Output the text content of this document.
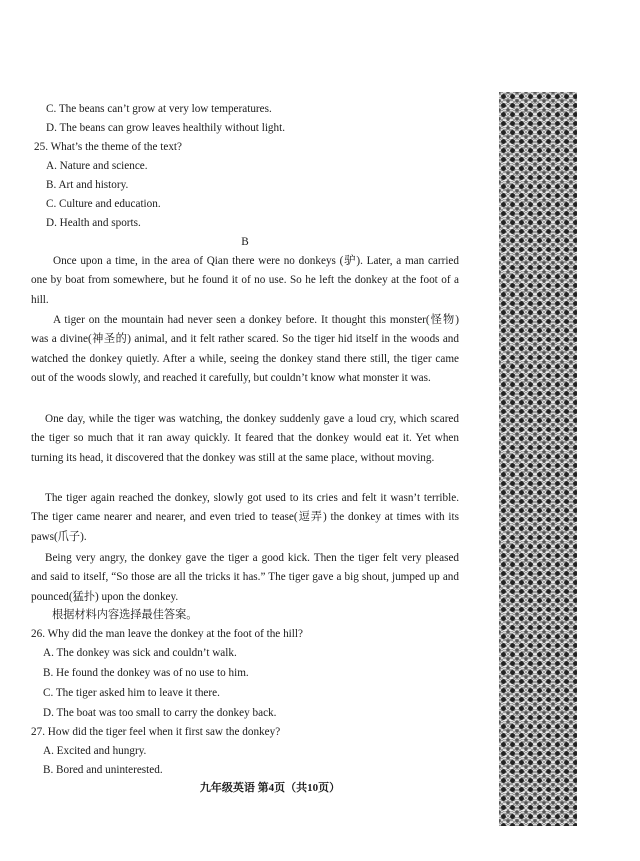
C. The beans can’t grow at very low temperatures.
D. The beans can grow leaves healthily without light.
25. What’s the theme of the text?
A. Nature and science.
B. Art and history.
C. Culture and education.
D. Health and sports.
B
Once upon a time, in the area of Qian there were no donkeys (驴). Later, a man carried one by boat from somewhere, but he found it of no use. So he left the donkey at the foot of a hill.
A tiger on the mountain had never seen a donkey before. It thought this monster(怪物) was a divine(神圣的) animal, and it felt rather scared. So the tiger hid itself in the woods and watched the donkey quietly. After a while, seeing the donkey stand there still, the tiger came out of the woods slowly, and reached it carefully, but couldn’t know what monster it was.
One day, while the tiger was watching, the donkey suddenly gave a loud cry, which scared the tiger so much that it ran away quickly. It feared that the donkey would eat it. Yet when turning its head, it discovered that the donkey was still at the same place, without moving.
The tiger again reached the donkey, slowly got used to its cries and felt it wasn’t terrible. The tiger came nearer and nearer, and even tried to tease(逗弄) the donkey at times with its paws(爪子).
Being very angry, the donkey gave the tiger a good kick. Then the tiger felt very pleased and said to itself, “So those are all the tricks it has.” The tiger gave a big shout, jumped up and pounced(猛扑) upon the donkey.
根据材料内容选择最佳答案。
26. Why did the man leave the donkey at the foot of the hill?
A. The donkey was sick and couldn’t walk.
B. He found the donkey was of no use to him.
C. The tiger asked him to leave it there.
D. The boat was too small to carry the donkey back.
27. How did the tiger feel when it first saw the donkey?
A. Excited and hungry.
B. Bored and uninterested.
九年级英语 第4页（共10页）
